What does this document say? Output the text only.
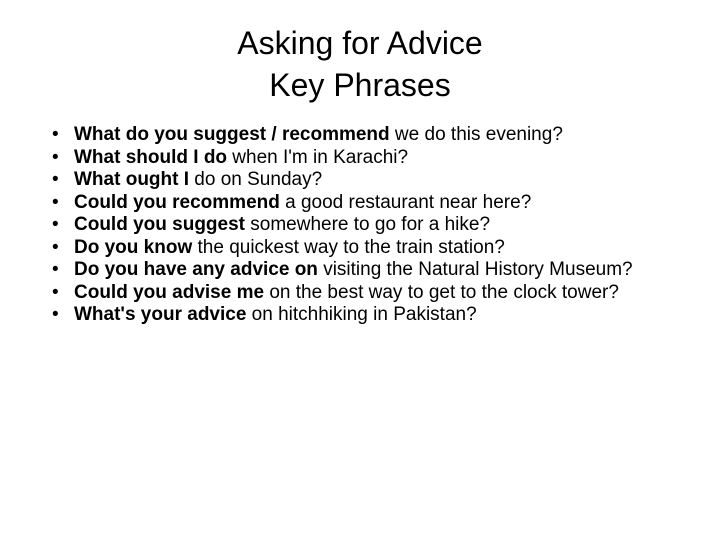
Asking for Advice
Key Phrases
• What do you suggest / recommend we do this evening?
• What should I do when I'm in Karachi?
• What ought I do on Sunday?
• Could you recommend a good restaurant near here?
• Could you suggest somewhere to go for a hike?
• Do you know the quickest way to the train station?
• Do you have any advice on visiting the Natural History Museum?
• Could you advise me on the best way to get to the clock tower?
• What's your advice on hitchhiking in Pakistan?
